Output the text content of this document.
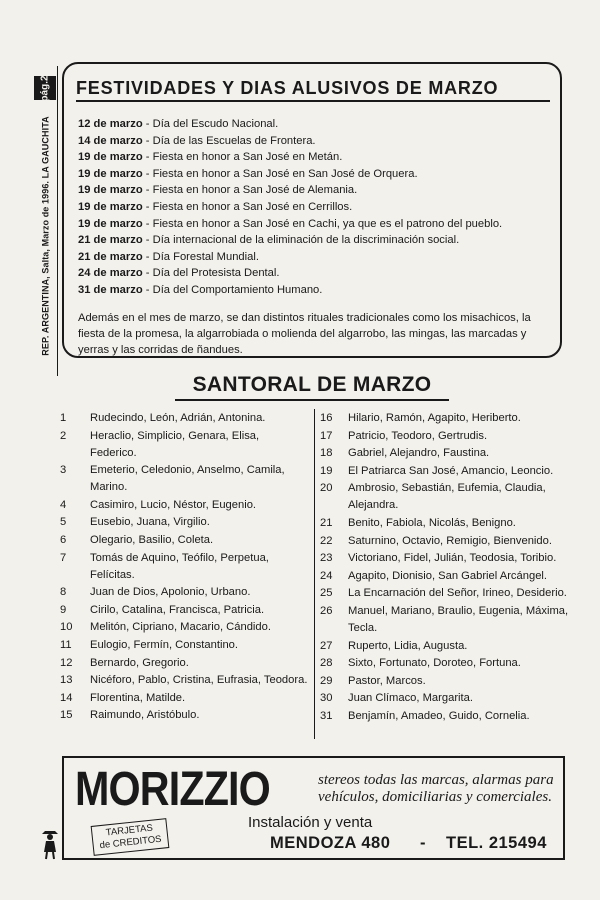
pág.2
REP. ARGENTINA, Salta, Marzo de 1996. LA GAUCHITA
FESTIVIDADES Y DIAS ALUSIVOS DE MARZO
12 de marzo - Día del Escudo Nacional.
14 de marzo - Día de las Escuelas de Frontera.
19 de marzo - Fiesta en honor a San José en Metán.
19 de marzo - Fiesta en honor a San José en San José de Orquera.
19 de marzo - Fiesta en honor a San José de Alemania.
19 de marzo - Fiesta en honor a San José en Cerrillos.
19 de marzo - Fiesta en honor a San José en Cachi, ya que es el patrono del pueblo.
21 de marzo - Día internacional de la eliminación de la discriminación social.
21 de marzo - Día Forestal Mundial.
24 de marzo - Día del Protesista Dental.
31 de marzo - Día del Comportamiento Humano.
Además en el mes de marzo, se dan distintos rituales tradicionales como los misachicos, la fiesta de la promesa, la algarrobiada o molienda del algarrobo, las mingas, las marcadas y yerras y las corridas de ñandues.
SANTORAL DE MARZO
1	Rudecindo, León, Adrián, Antonina.
2	Heraclio, Simplicio, Genara, Elisa, Federico.
3	Emeterio, Celedonio, Anselmo, Camila, Marino.
4	Casimiro, Lucio, Néstor, Eugenio.
5	Eusebio, Juana, Virgilio.
6	Olegario, Basilio, Coleta.
7	Tomás de Aquino, Teófilo, Perpetua, Felícitas.
8	Juan de Dios, Apolonio, Urbano.
9	Cirilo, Catalina, Francisca, Patricia.
10	Melitón, Cipriano, Macario, Cándido.
11	Eulogio, Fermín, Constantino.
12	Bernardo, Gregorio.
13	Nicéforo, Pablo, Cristina, Eufrasia, Teodora.
14	Florentina, Matilde.
15	Raimundo, Aristóbulo.
16	Hilario, Ramón, Agapito, Heriberto.
17	Patricio, Teodoro, Gertrudis.
18	Gabriel, Alejandro, Faustina.
19	El Patriarca San José, Amancio, Leoncio.
20	Ambrosio, Sebastián, Eufemia, Claudia, Alejandra.
21	Benito, Fabiola, Nicolás, Benigno.
22	Saturnino, Octavio, Remigio, Bienvenido.
23	Victoriano, Fidel, Julián, Teodosia, Toribio.
24	Agapito, Dionisio, San Gabriel Arcángel.
25	La Encarnación del Señor, Irineo, Desiderio.
26	Manuel, Mariano, Braulio, Eugenia, Máxima, Tecla.
27	Ruperto, Lidia, Augusta.
28	Sixto, Fortunato, Doroteo, Fortuna.
29	Pastor, Marcos.
30	Juan Clímaco, Margarita.
31	Benjamín, Amadeo, Guido, Cornelia.
MORIZZIO	stereos todas las marcas, alarmas para vehículos, domiciliarias y comerciales.
Instalación y venta
MENDOZA 480 - TEL. 215494
TARJETAS
de CREDITOS
